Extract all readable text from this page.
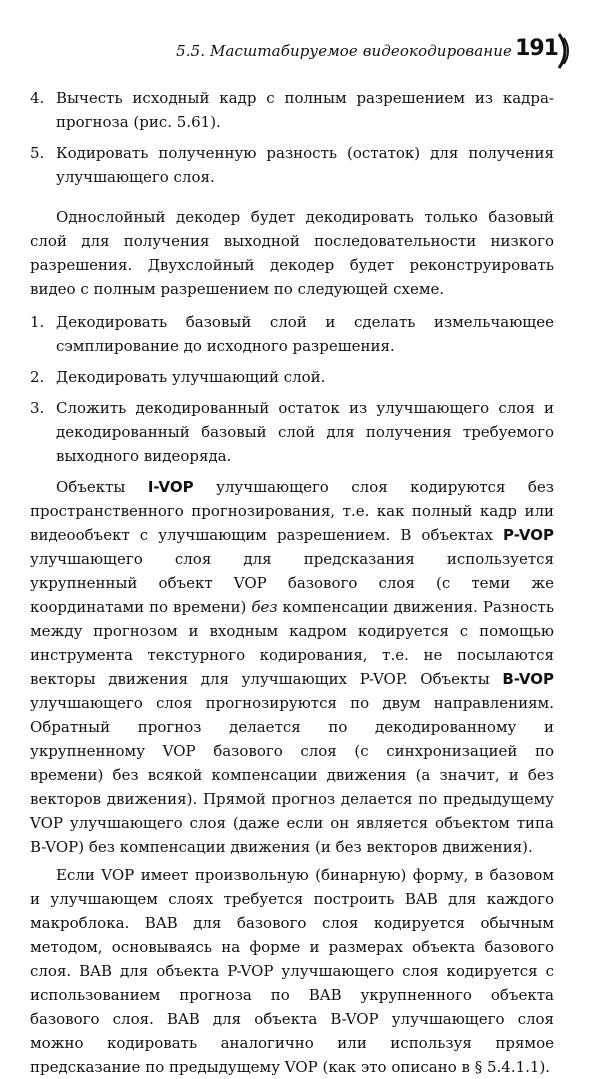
5.5. Масштабируемое видеокодирование 191
4. Вычесть исходный кадр с полным разрешением из кадра-прогноза (рис. 5.61).
5. Кодировать полученную разность (остаток) для получения улучшающего слоя.

Однослойный декодер будет декодировать только базовый слой для получения выходной последовательности низкого разрешения. Двухслойный декодер будет реконструировать видео с полным разрешением по следующей схеме.

1. Декодировать базовый слой и сделать измельчающее сэмплирование до исходного разрешения.
2. Декодировать улучшающий слой.
3. Сложить декодированный остаток из улучшающего слоя и декодированный базовый слой для получения требуемого выходного видеоряда.

Объекты I-VOP улучшающего слоя кодируются без пространственного прогнозирования, т.е. как полный кадр или видеообъект с улучшающим разрешением. В объектах P-VOP улучшающего слоя для предсказания используется укрупненный объект VOP базового слоя (с теми же координатами по времени) без компенсации движения. Разность между прогнозом и входным кадром кодируется с помощью инструмента текстурного кодирования, т.е. не посылаются векторы движения для улучшающих P-VOP. Объекты B-VOP улучшающего слоя прогнозируются по двум направлениям. Обратный прогноз делается по декодированному и укрупненному VOP базового слоя (с синхронизацией по времени) без всякой компенсации движения (а значит, и без векторов движения). Прямой прогноз делается по предыдущему VOP улучшающего слоя (даже если он является объектом типа B-VOP) без компенсации движения (и без векторов движения).

Если VOP имеет произвольную (бинарную) форму, в базовом и улучшающем слоях требуется построить BAB для каждого макроблока. BAB для базового слоя кодируется обычным методом, основываясь на форме и размерах объекта базового слоя. BAB для объекта P-VOP улучшающего слоя кодируется с использованием прогноза по BAB укрупненного объекта базового слоя. BAB для объекта B-VOP улучшающего слоя можно кодировать аналогично или используя прямое предсказание по предыдущему VOP (как это описано в § 5.4.1.1).
